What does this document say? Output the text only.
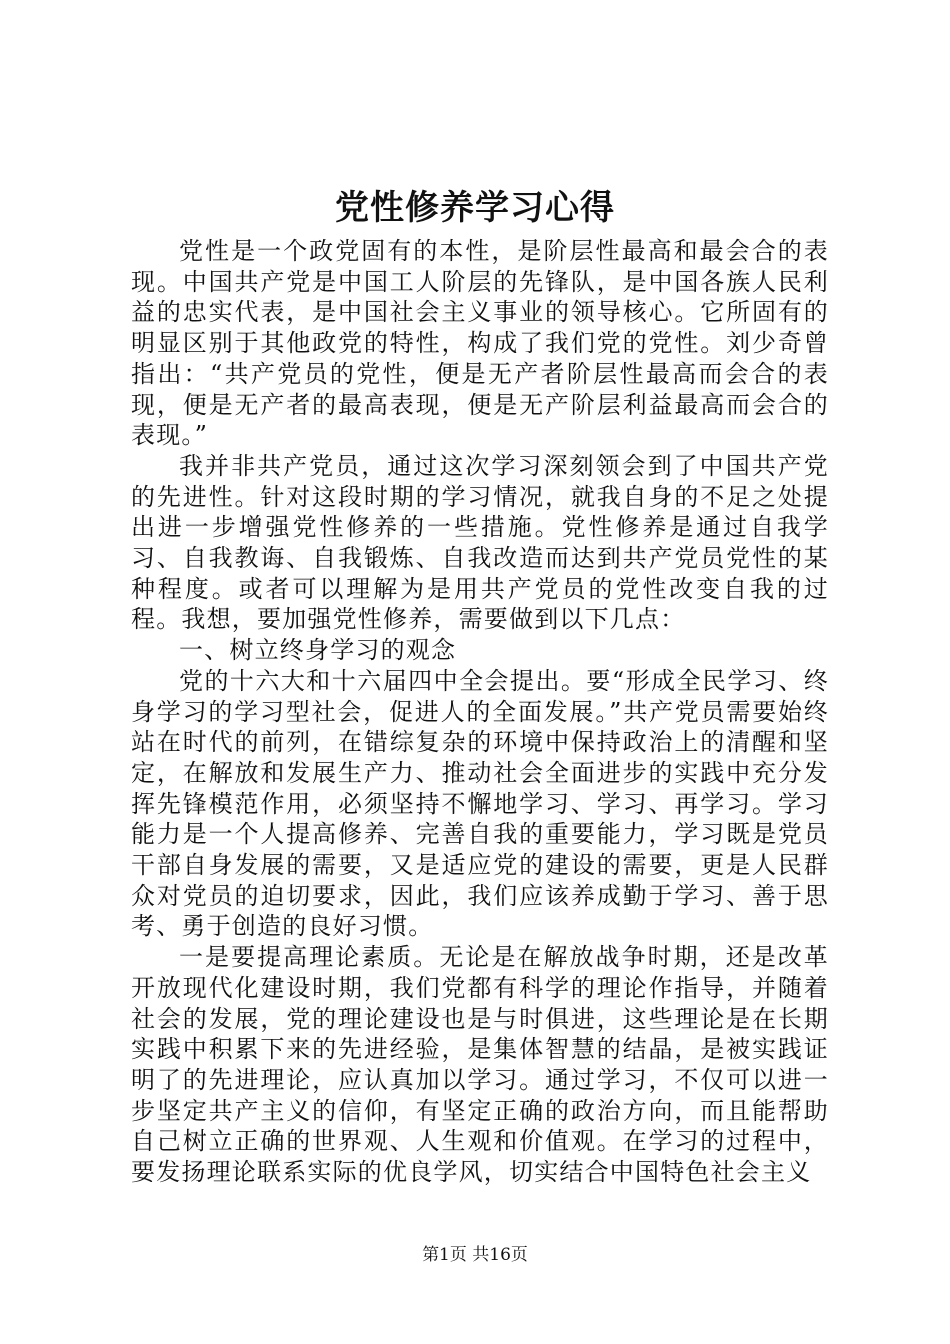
党性修养学习心得

党性是一个政党固有的本性，是阶层性最高和最会合的表现。中国共产党是中国工人阶层的先锋队，是中国各族人民利益的忠实代表，是中国社会主义事业的领导核心。它所固有的明显区别于其他政党的特性，构成了我们党的党性。刘少奇曾指出：“共产党员的党性，便是无产者阶层性最高而会合的表现，便是无产者的最高表现，便是无产阶层利益最高而会合的表现。”

我并非共产党员，通过这次学习深刻领会到了中国共产党的先进性。针对这段时期的学习情况，就我自身的不足之处提出进一步增强党性修养的一些措施。党性修养是通过自我学习、自我教诲、自我锻炼、自我改造而达到共产党员党性的某种程度。或者可以理解为是用共产党员的党性改变自我的过程。我想，要加强党性修养，需要做到以下几点：

一、树立终身学习的观念

党的十六大和十六届四中全会提出。要“形成全民学习、终身学习的学习型社会，促进人的全面发展。”共产党员需要始终站在时代的前列，在错综复杂的环境中保持政治上的清醒和坚定，在解放和发展生产力、推动社会全面进步的实践中充分发挥先锋模范作用，必须坚持不懈地学习、学习、再学习。学习能力是一个人提高修养、完善自我的重要能力，学习既是党员干部自身发展的需要，又是适应党的建设的需要，更是人民群众对党员的迫切要求，因此，我们应该养成勤于学习、善于思考、勇于创造的良好习惯。

一是要提高理论素质。无论是在解放战争时期，还是改革开放现代化建设时期，我们党都有科学的理论作指导，并随着社会的发展，党的理论建设也是与时俱进，这些理论是在长期实践中积累下来的先进经验，是集体智慧的结晶，是被实践证明了的先进理论，应认真加以学习。通过学习，不仅可以进一步坚定共产主义的信仰，有坚定正确的政治方向，而且能帮助自己树立正确的世界观、人生观和价值观。在学习的过程中，要发扬理论联系实际的优良学风，切实结合中国特色社会主义

第1页 共16页
